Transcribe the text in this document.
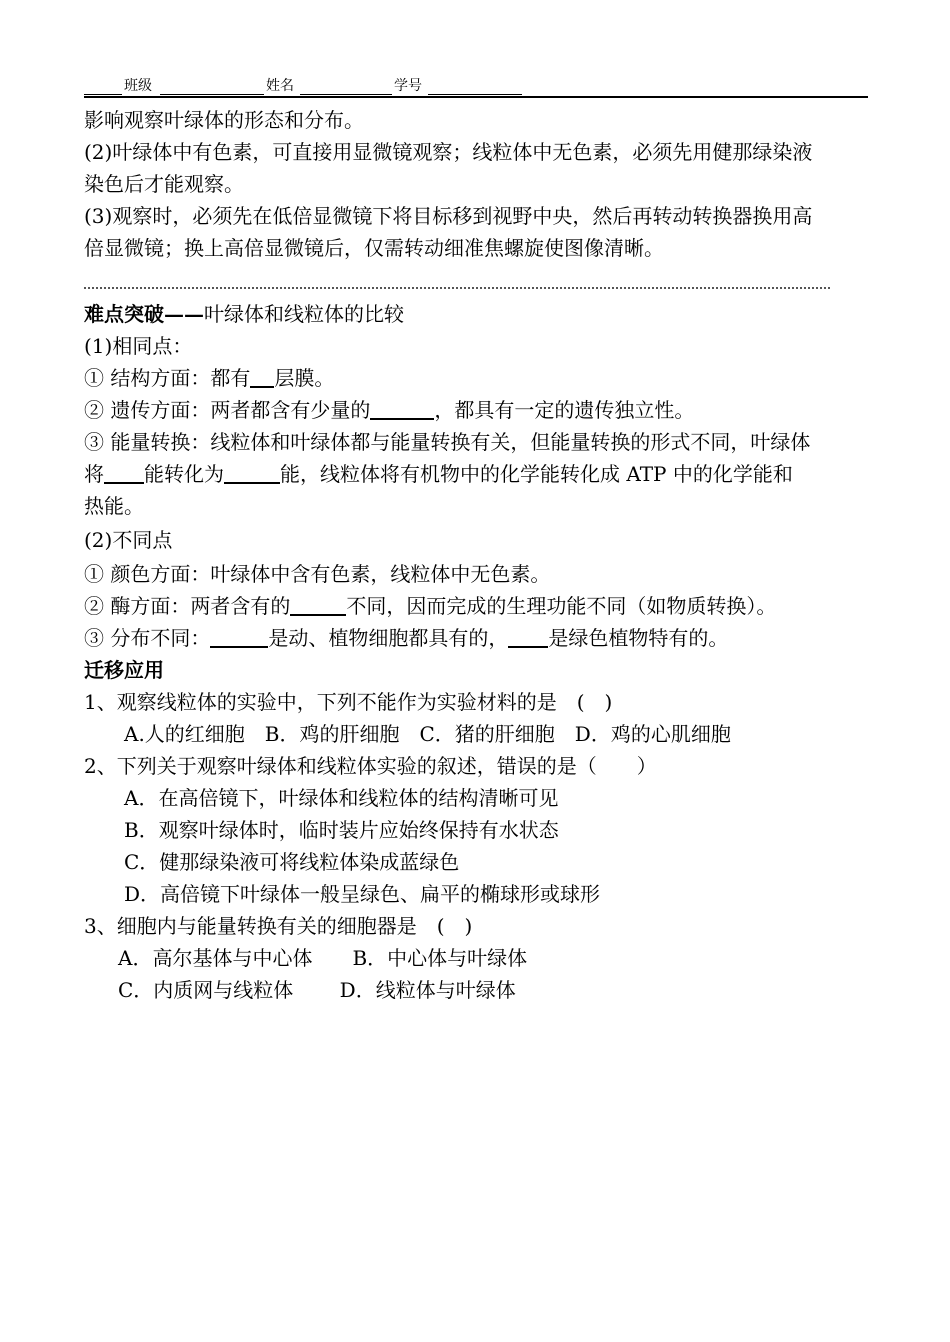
班级	姓名	学号
影响观察叶绿体的形态和分布。
(2)叶绿体中有色素，可直接用显微镜观察；线粒体中无色素，必须先用健那绿染液
染色后才能观察。
(3)观察时，必须先在低倍显微镜下将目标移到视野中央，然后再转动转换器换用高
倍显微镜；换上高倍显微镜后，仅需转动细准焦螺旋使图像清晰。
难点突破——叶绿体和线粒体的比较
(1)相同点：
① 结构方面：都有 层膜。
② 遗传方面：两者都含有少量的	，都具有一定的遗传独立性。
③ 能量转换：线粒体和叶绿体都与能量转换有关，但能量转换的形式不同，叶绿体
将 能转化为	能，线粒体将有机物中的化学能转化成 ATP 中的化学能和
热能。
(2)不同点
① 颜色方面：叶绿体中含有色素，线粒体中无色素。
② 酶方面：两者含有的	不同，因而完成的生理功能不同（如物质转换）。
③ 分布不同：	是动、植物细胞都具有的， 是绿色植物特有的。
迁移应用
1、观察线粒体的实验中，下列不能作为实验材料的是　(　)
A.人的红细胞　B．鸡的肝细胞　C．猪的肝细胞　D．鸡的心肌细胞
2、下列关于观察叶绿体和线粒体实验的叙述，错误的是（　　）
A．在高倍镜下，叶绿体和线粒体的结构清晰可见
B．观察叶绿体时，临时装片应始终保持有水状态
C．健那绿染液可将线粒体染成蓝绿色
D．高倍镜下叶绿体一般呈绿色、扁平的椭球形或球形
3、细胞内与能量转换有关的细胞器是　(　)
A．高尔基体与中心体　　B．中心体与叶绿体
C．内质网与线粒体　　 D．线粒体与叶绿体
